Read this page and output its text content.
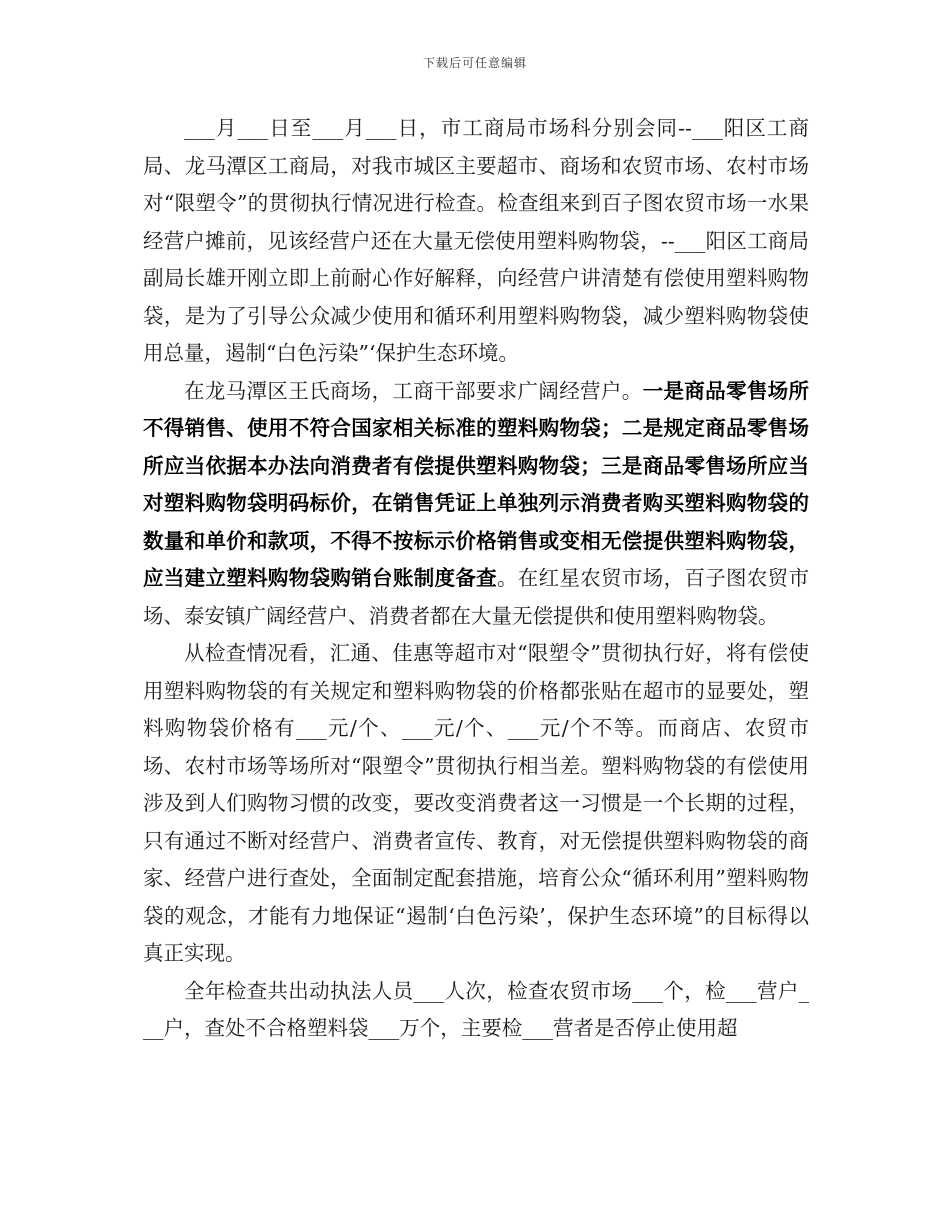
下载后可任意编辑

___月___日至___月___日，市工商局市场科分别会同--___阳区工商局、龙马潭区工商局，对我市城区主要超市、商场和农贸市场、农村市场对“限塑令”的贯彻执行情况进行检查。检查组来到百子图农贸市场一水果经营户摊前，见该经营户还在大量无偿使用塑料购物袋，--___阳区工商局副局长雄开刚立即上前耐心作好解释，向经营户讲清楚有偿使用塑料购物袋，是为了引导公众减少使用和循环利用塑料购物袋，减少塑料购物袋使用总量，遏制“白色污染”‘保护生态环境。

在龙马潭区王氏商场，工商干部要求广阔经营户。一是商品零售场所不得销售、使用不符合国家相关标准的塑料购物袋；二是规定商品零售场所应当依据本办法向消费者有偿提供塑料购物袋；三是商品零售场所应当对塑料购物袋明码标价，在销售凭证上单独列示消费者购买塑料购物袋的数量和单价和款项，不得不按标示价格销售或变相无偿提供塑料购物袋，应当建立塑料购物袋购销台账制度备查。在红星农贸市场，百子图农贸市场、泰安镇广阔经营户、消费者都在大量无偿提供和使用塑料购物袋。

从检查情况看，汇通、佳惠等超市对“限塑令”贯彻执行好，将有偿使用塑料购物袋的有关规定和塑料购物袋的价格都张贴在超市的显要处，塑料购物袋价格有___元/个、___元/个、___元/个不等。而商店、农贸市场、农村市场等场所对“限塑令”贯彻执行相当差。塑料购物袋的有偿使用涉及到人们购物习惯的改变，要改变消费者这一习惯是一个长期的过程，只有通过不断对经营户、消费者宣传、教育，对无偿提供塑料购物袋的商家、经营户进行查处，全面制定配套措施，培育公众“循环利用”塑料购物袋的观念，才能有力地保证“遏制‘白色污染’，保护生态环境”的目标得以真正实现。

全年检查共出动执法人员___人次，检查农贸市场___个，检___营户___户，查处不合格塑料袋___万个，主要检___营者是否停止使用超
